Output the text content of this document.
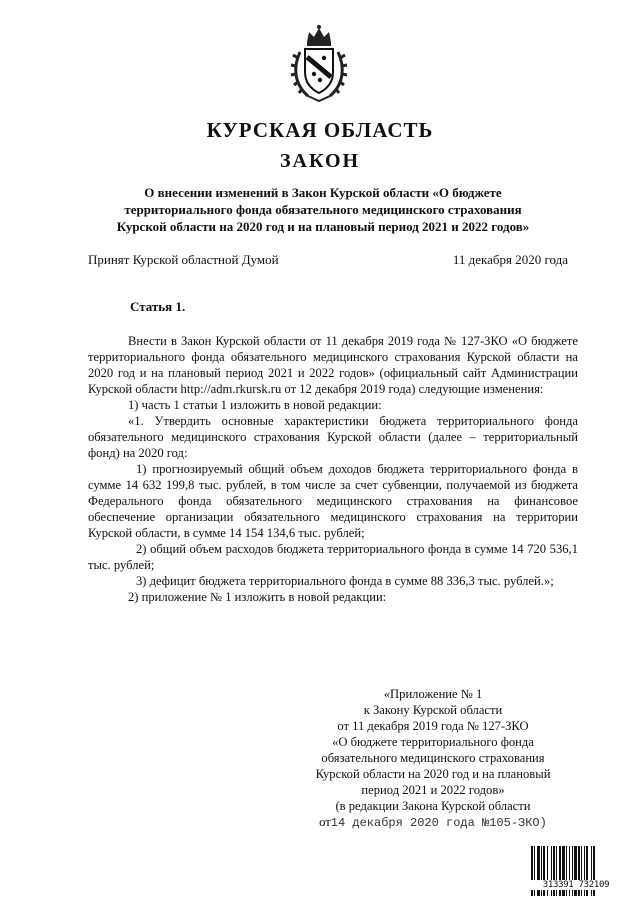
КУРСКАЯ ОБЛАСТЬ
ЗАКОН
О внесении изменений в Закон Курской области «О бюджете
территориального фонда обязательного медицинского страхования
Курской области на 2020 год и на плановый период 2021 и 2022 годов»
Принят Курской областной Думой	11 декабря 2020 года
Статья 1.

Внести в Закон Курской области от 11 декабря 2019 года № 127-ЗКО «О бюджете территориального фонда обязательного медицинского страхования Курской области на 2020 год и на плановый период 2021 и 2022 годов» (официальный сайт Администрации Курской области http://adm.rkursk.ru от 12 декабря 2019 года) следующие изменения:

1) часть 1 статьи 1 изложить в новой редакции:

«1. Утвердить основные характеристики бюджета территориального фонда обязательного медицинского страхования Курской области (далее – территориальный фонд) на 2020 год:

1) прогнозируемый общий объем доходов бюджета территориального фонда в сумме 14 632 199,8 тыс. рублей, в том числе за счет субвенции, получаемой из бюджета Федерального фонда обязательного медицинского страхования на финансовое обеспечение организации обязательного медицинского страхования на территории Курской области, в сумме 14 154 134,6 тыс. рублей;

2) общий объем расходов бюджета территориального фонда в сумме 14 720 536,1 тыс. рублей;

3) дефицит бюджета территориального фонда в сумме 88 336,3 тыс. рублей.»;

2) приложение № 1 изложить в новой редакции:

«Приложение № 1
к Закону Курской области
от 11 декабря 2019 года № 127-ЗКО
«О бюджете территориального фонда
обязательного медицинского страхования
Курской области на 2020 год и на плановый
период 2021 и 2022 годов»
(в редакции Закона Курской области
от14 декабря 2020 года №105-ЗКО)
313391 732109
